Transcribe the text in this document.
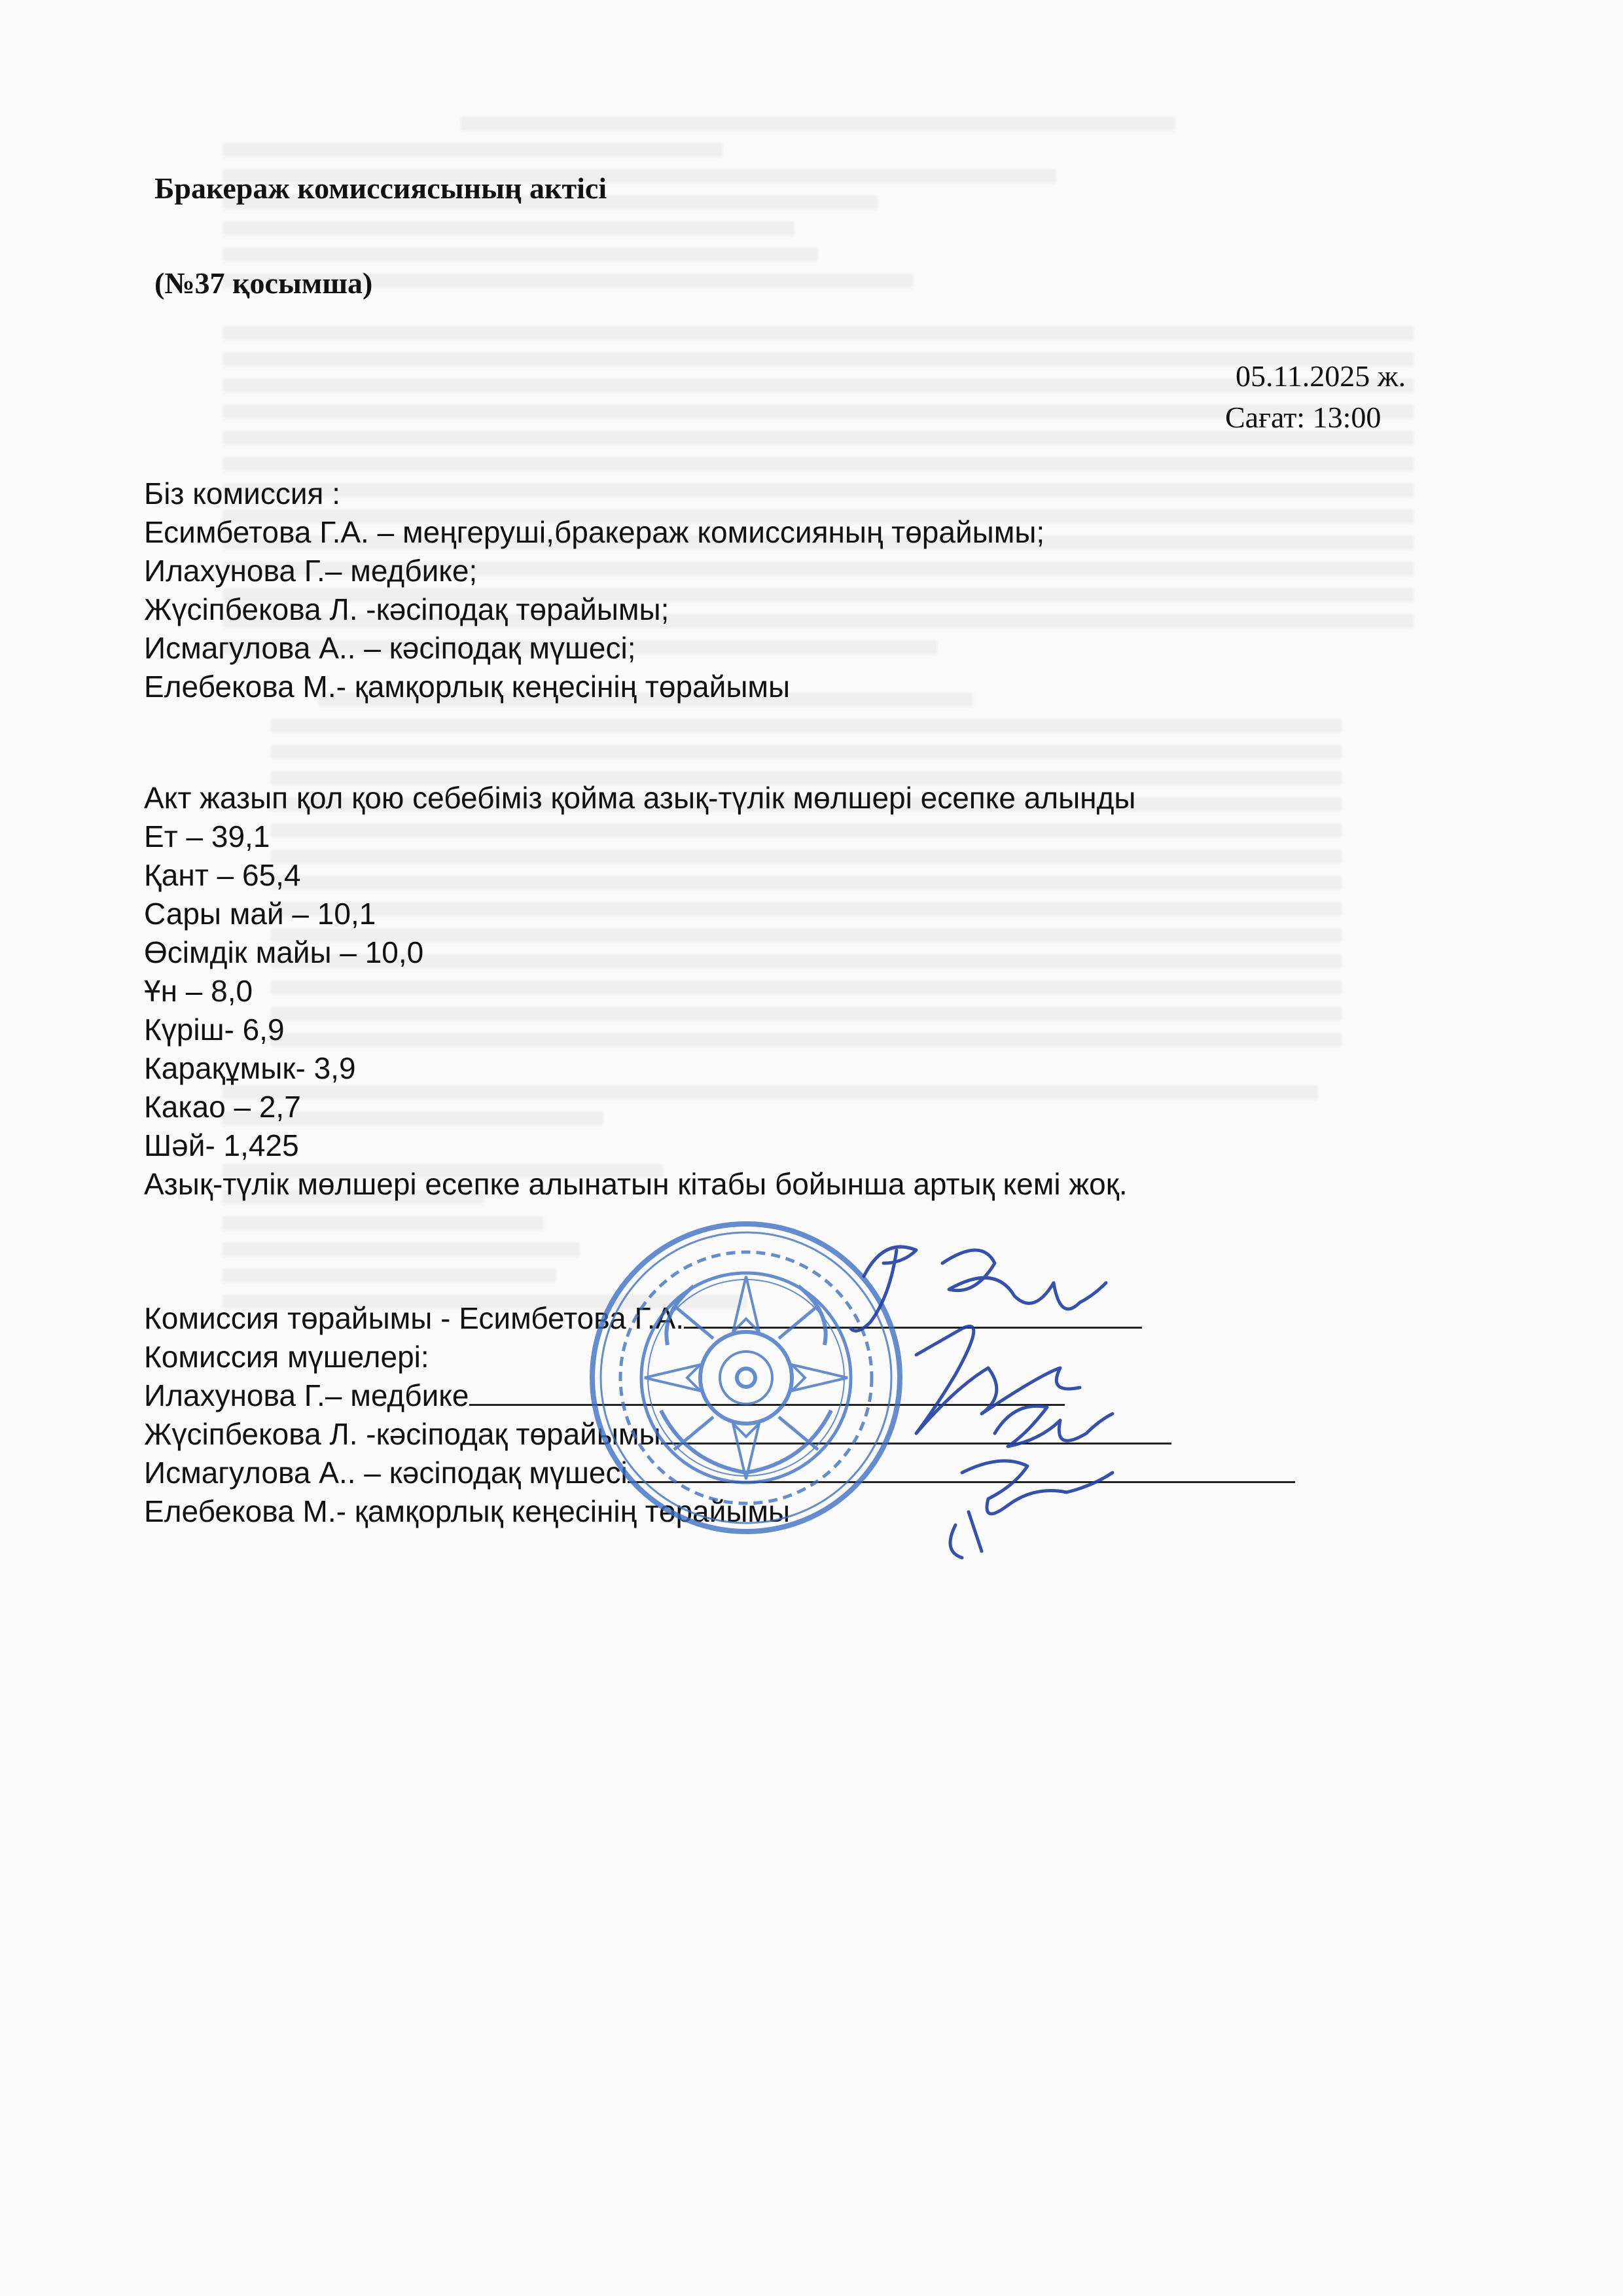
Бракераж комиссиясының актісі
(№37 қосымша)
05.11.2025 ж.
Сағат: 13:00
Біз комиссия :
Есимбетова Г.А. – меңгеруші,бракераж комиссияның төрайымы;
Илахунова Г.– медбике;
Жүсіпбекова Л. -кәсіподақ төрайымы;
Исмагулова А.. – кәсіподақ мүшесі;
Елебекова М.- қамқорлық кеңесінің төрайымы
Акт жазып қол қою себебіміз қойма азық-түлік мөлшері есепке алынды
Ет – 39,1
Қант – 65,4
Сары май – 10,1
Өсімдік майы – 10,0
Ұн – 8,0
Күріш- 6,9
Карақұмык- 3,9
Какао – 2,7
Шәй- 1,425
Азық-түлік мөлшері есепке алынатын кітабы бойынша артық кемі жоқ.
Комиссия төрайымы - Есимбетова Г.А.
Комиссия мүшелері:
Илахунова Г.– медбике
Жүсіпбекова Л. -кәсіподақ төрайымы
Исмагулова А.. – кәсіподақ мүшесі
Елебекова М.- қамқорлық кеңесінің төрайымы
